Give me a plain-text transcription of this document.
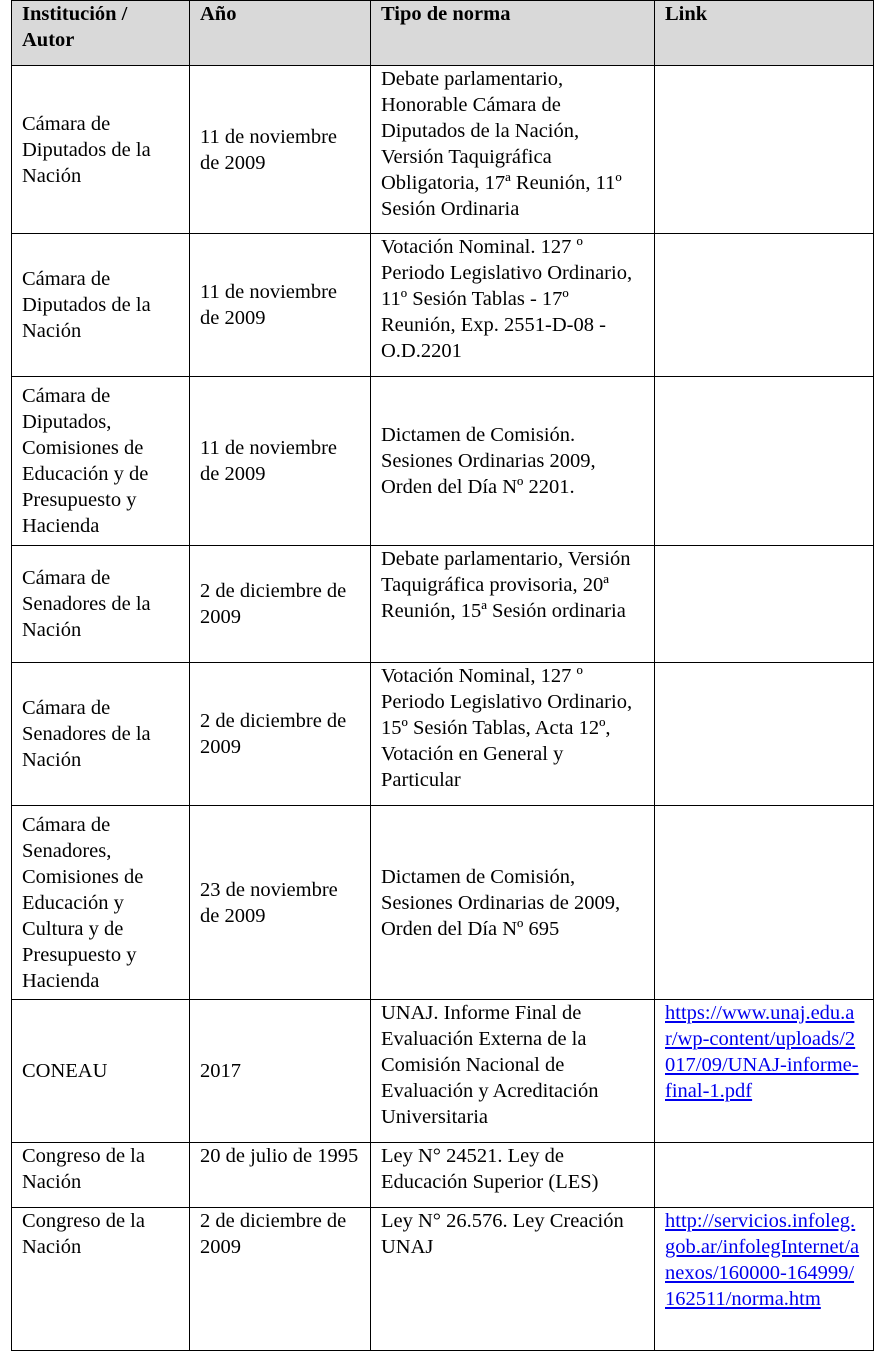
Institución / Autor	Año	Tipo de norma	Link
Cámara de Diputados de la Nación	11 de noviembre de 2009	Debate parlamentario, Honorable Cámara de Diputados de la Nación, Versión Taquigráfica Obligatoria, 17ª Reunión, 11º Sesión Ordinaria	
Cámara de Diputados de la Nación	11 de noviembre de 2009	Votación Nominal. 127 º Periodo Legislativo Ordinario, 11º Sesión Tablas - 17º Reunión, Exp. 2551-D-08 - O.D.2201	
Cámara de Diputados, Comisiones de Educación y de Presupuesto y Hacienda	11 de noviembre de 2009	Dictamen de Comisión. Sesiones Ordinarias 2009, Orden del Día Nº 2201.	
Cámara de Senadores de la Nación	2 de diciembre de 2009	Debate parlamentario, Versión Taquigráfica provisoria, 20ª Reunión, 15ª Sesión ordinaria	
Cámara de Senadores de la Nación	2 de diciembre de 2009	Votación Nominal, 127 º Periodo Legislativo Ordinario, 15º Sesión Tablas, Acta 12º, Votación en General y Particular	
Cámara de Senadores, Comisiones de Educación y Cultura y de Presupuesto y Hacienda	23 de noviembre de 2009	Dictamen de Comisión, Sesiones Ordinarias de 2009, Orden del Día Nº 695	
CONEAU	2017	UNAJ. Informe Final de Evaluación Externa de la Comisión Nacional de Evaluación y Acreditación Universitaria	https://www.unaj.edu.ar/wp-content/uploads/2017/09/UNAJ-informe-final-1.pdf
Congreso de la Nación	20 de julio de 1995	Ley N° 24521. Ley de Educación Superior (LES)	
Congreso de la Nación	2 de diciembre de 2009	Ley N° 26.576. Ley Creación UNAJ	http://servicios.infoleg.gob.ar/infolegInternet/anexos/160000-164999/162511/norma.htm
